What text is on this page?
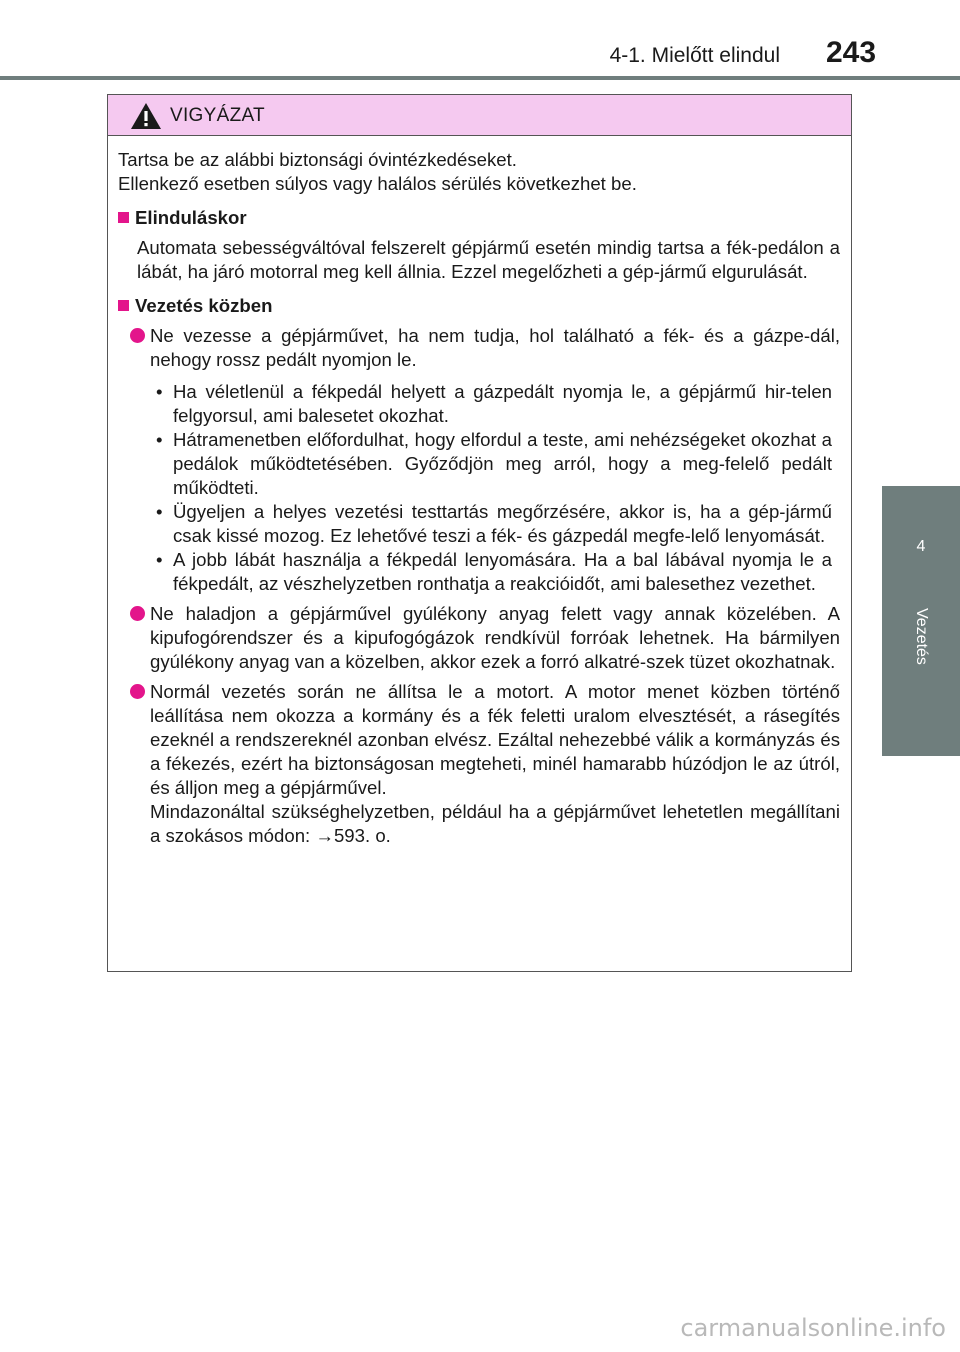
4-1. Mielőtt elindul 243
4
Vezetés
VIGYÁZAT

Tartsa be az alábbi biztonsági óvintézkedéseket.

Ellenkező esetben súlyos vagy halálos sérülés következhet be.

Elinduláskor

Automata sebességváltóval felszerelt gépjármű esetén mindig tartsa a fék-pedálon a lábát, ha járó motorral meg kell állnia. Ezzel megelőzheti a gép-jármű elgurulását.

Vezetés közben
Ne vezesse a gépjárművet, ha nem tudja, hol található a fék- és a gázpe-dál, nehogy rossz pedált nyomjon le.
• Ha véletlenül a fékpedál helyett a gázpedált nyomja le, a gépjármű hir-telen felgyorsul, ami balesetet okozhat.
• Hátramenetben előfordulhat, hogy elfordul a teste, ami nehézségeket okozhat a pedálok működtetésében. Győződjön meg arról, hogy a meg-felelő pedált működteti.
• Ügyeljen a helyes vezetési testtartás megőrzésére, akkor is, ha a gép-jármű csak kissé mozog. Ez lehetővé teszi a fék- és gázpedál megfe-lelő lenyomását.
• A jobb lábát használja a fékpedál lenyomására. Ha a bal lábával nyomja le a fékpedált, az vészhelyzetben ronthatja a reakcióidőt, ami balesethez vezethet.
Ne haladjon a gépjárművel gyúlékony anyag felett vagy annak közelében. A kipufogórendszer és a kipufogógázok rendkívül forróak lehetnek. Ha bármilyen gyúlékony anyag van a közelben, akkor ezek a forró alkatré-szek tüzet okozhatnak.
Normál vezetés során ne állítsa le a motort. A motor menet közben történő leállítása nem okozza a kormány és a fék feletti uralom elvesztését, a rásegítés ezeknél a rendszereknél azonban elvész. Ezáltal nehezebbé válik a kormányzás és a fékezés, ezért ha biztonságosan megteheti, minél hamarabb húzódjon le az útról, és álljon meg a gépjárművel.
Mindazonáltal szükséghelyzetben, például ha a gépjárművet lehetetlen megállítani a szokásos módon: →593. o.
carmanualsonline.info
